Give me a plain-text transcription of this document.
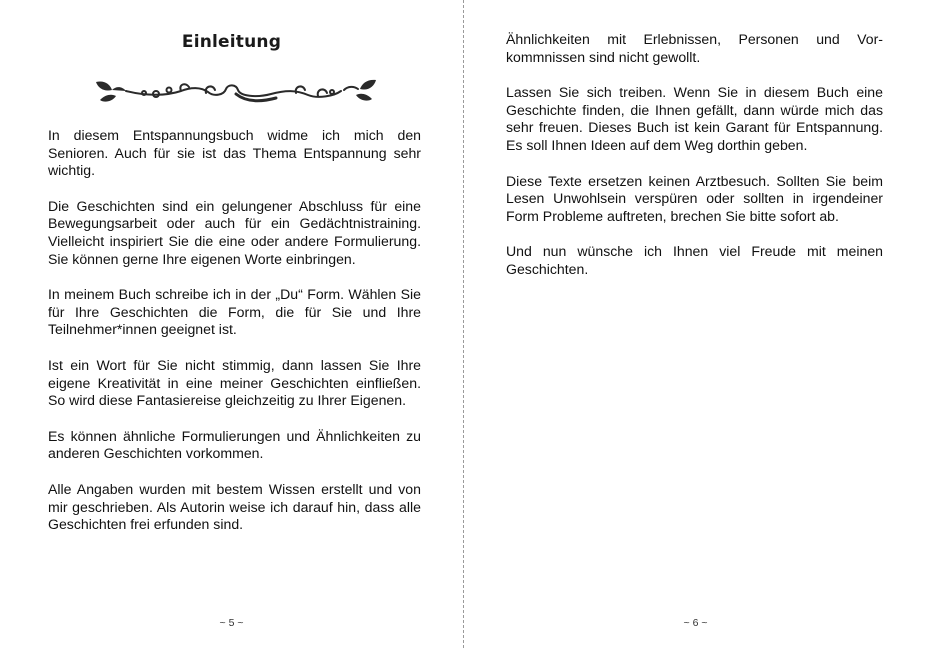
Einleitung

In diesem Entspannungsbuch widme ich mich den Senioren. Auch für sie ist das Thema Entspannung sehr wichtig.

Die Geschichten sind ein gelungener Abschluss für eine Bewegungsarbeit oder auch für ein Gedächtnistraining. Vielleicht inspiriert Sie die eine oder andere Formulierung. Sie können gerne Ihre eigenen Worte einbringen.

In meinem Buch schreibe ich in der „Du“ Form. Wählen Sie für Ihre Geschichten die Form, die für Sie und Ihre Teilnehmer*innen geeignet ist.

Ist ein Wort für Sie nicht stimmig, dann lassen Sie Ihre eigene Kreativität in eine meiner Geschichten einfließen. So wird diese Fantasiereise gleichzeitig zu Ihrer Eigenen.

Es können ähnliche Formulierungen und Ähnlichkeiten zu anderen Geschichten vorkommen.

Alle Angaben wurden mit bestem Wissen erstellt und von mir geschrieben. Als Autorin weise ich darauf hin, dass alle Geschichten frei erfunden sind.

~ 5 ~

Ähnlichkeiten mit Erlebnissen, Personen und Vorkommnissen sind nicht gewollt.

Lassen Sie sich treiben. Wenn Sie in diesem Buch eine Geschichte finden, die Ihnen gefällt, dann würde mich das sehr freuen. Dieses Buch ist kein Garant für Entspannung. Es soll Ihnen Ideen auf dem Weg dorthin geben.

Diese Texte ersetzen keinen Arztbesuch. Sollten Sie beim Lesen Unwohlsein verspüren oder sollten in irgendeiner Form Probleme auftreten, brechen Sie bitte sofort ab.

Und nun wünsche ich Ihnen viel Freude mit meinen Geschichten.

~ 6 ~
